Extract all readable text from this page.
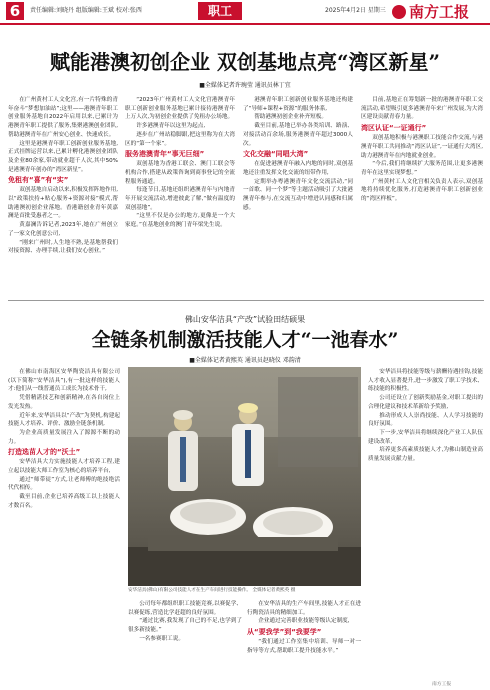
6	责任编辑:刘晓丹 组版编辑:王斌 校对:张西	职工	2025年4月2日 星期三	南方工报
赋能港澳初创企业 双创基地点亮“湾区新星”
■全媒体记者许琬莹 通讯员林丁宜

在广州黄村工人文化宫,有一片特殊的青年奋斗“梦想加油站”;这里——港澳青年职工创业服务基地自2022年启用以来,已累计为港澳青年职工提供了服务,集聚港澳创业团队,帮助港澳青年在广州安心创业、快速成长。

这里是港澳青年职工创新创业服务基地,正式挂牌运营以来,已累计孵化港澳创业团队及企业80余家,带动就业超千人次,其中50%是港澳青年创办的“湾区新星”。

免租有“喜”有“实”

双创基地自启动以来,积极发挥阵地作用,以“政策扶持+贴心服务+资源对接”模式,帮助港澳初创企业落地。香港籍创业青年黄嘉澜是首批受惠者之一。

黄嘉澜告诉记者,2023年,她在广州创立了一家文化创意公司,

“刚来广州时,人生地不熟,是基地帮我们对接资源、办理手续,让我们安心创业。”

“2023年广州黄村工人文化宫港澳青年职工创新创业服务基地已累计接待港澳青年上万人次,为初创企业提供了免租办公场地。

许多港澳青年以这里为起点,

逐步在广州站稳脚跟,把这里称为在大湾区的“第一个家”。

服务港澳青年“事无巨细”

双创基地为香港工联会、澳门工联会等机构合作,搭建从政策咨询到商事登记的全流程服务通道。

每逢节日,基地还组织港澳青年与内地青年开展交流活动,增进彼此了解,“做有温度的双创基地”。

“这里不仅是办公的地方,更像是一个大家庭。”在基地创业的澳门青年梁先生说。

港澳青年职工创新创业服务基地还构建了“导师+课程+资源”的服务体系,

帮助港澳初创企业补齐短板。

截至目前,基地已举办各类培训、路演、对接活动百余场,服务港澳青年超过3000人次。

文化交融“同唱大湾”

在促进港澳青年融入内地的同时,双创基地还注重发挥文化交流的纽带作用,

定期举办粤港澳青年文化交流活动,“同一首歌、同一个梦”等主题活动吸引了大批港澳青年参与,在交流互动中增进认同感和归属感。

目前,基地正在筹划新一批的港澳青年职工交流活动,希望吸引更多港澳青年来广州发展,为大湾区建设贡献青春力量。

湾区认证“一证通行”

双创基地积极与港澳职工技能合作交流,与港澳青年职工共同推动“湾区认证”,一证通行大湾区,助力港澳青年在内地就业创业。

“今后,我们将继续扩大服务范围,让更多港澳青年在这里实现梦想。”

广州黄村工人文化宫相关负责人表示,双创基地将持续优化服务,打造港澳青年职工创新创业的“湾区样板”。

佛山安华洁具“产改”试验田结硕果
全链条机制激活技能人才“一池春水”
■全媒体记者黄熙英 通讯员赵晓仪 邓韵清

在佛山市南海区安华陶瓷洁具有限公司(以下简称“安华洁具”),有一批这样的技能人才:他们从一线普通员工成长为技术骨干,

凭借精湛技艺和创新精神,在各自岗位上发光发热。

近年来,安华洁具以“产改”为契机,构建起技能人才培养、评价、激励全链条机制,

为企业高质量发展注入了源源不断的动力。

打造选苗人才的“沃土”

安华洁具大力实施技能人才培养工程,建立起以技能大师工作室为核心的培养平台,

通过“师带徒”方式,让老师傅的绝技绝活代代相传。

截至目前,企业已培养高级工以上技能人才数百名。

安华洁具(佛山)有限公司技能人才在生产车间进行技能操作。 全媒体记者黄熙英 摄

公司每年都组织职工技能竞赛,以赛促学、以赛促练,营造比学赶超的良好氛围。

“通过比赛,我发现了自己的不足,也学到了很多新技能。”

一名参赛职工说。

在安华洁具的生产车间里,技能人才正在进行陶瓷洁具的精细加工。

企业通过完善职业技能等级认定制度,

从“要我学”到“我要学”

“我们通过工作室集中培训、导师一对一指导等方式,帮助职工提升技能水平。”

安华洁具将技能等级与薪酬待遇挂钩,技能人才收入显著提升,进一步激发了职工学技术、练技能的积极性。

公司还设立了创新奖励基金,对职工提出的合理化建议和技术革新给予奖励,

推动形成人人崇尚技能、人人学习技能的良好氛围。

下一步,安华洁具将继续深化产业工人队伍建设改革,

培养更多高素质技能人才,为佛山制造业高质量发展贡献力量。

南方工报
